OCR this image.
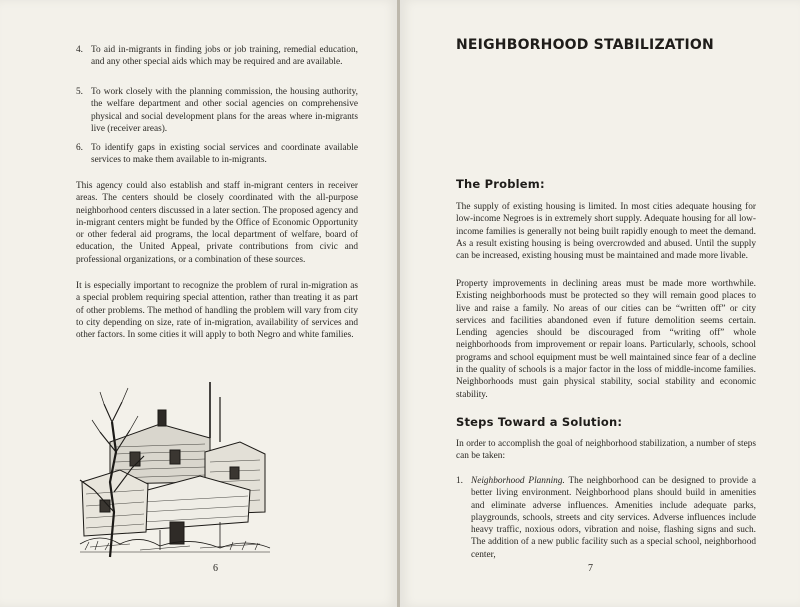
4. To aid in-migrants in finding jobs or job training, remedial education, and any other special aids which may be required and are available.
5. To work closely with the planning commission, the housing authority, the welfare department and other social agencies on comprehensive physical and social development plans for the areas where in-migrants live (receiver areas).
6. To identify gaps in existing social services and coordinate available services to make them available to in-migrants.
This agency could also establish and staff in-migrant centers in receiver areas. The centers should be closely coordinated with the all-purpose neighborhood centers discussed in a later section. The proposed agency and in-migrant centers might be funded by the Office of Economic Opportunity or other federal aid programs, the local department of welfare, board of education, the United Appeal, private contributions from civic and professional organizations, or a combination of these sources.
It is especially important to recognize the problem of rural in-migration as a special problem requiring special attention, rather than treating it as part of other problems. The method of handling the problem will vary from city to city depending on size, rate of in-migration, availability of services and other factors. In some cities it will apply to both Negro and white families.
6
NEIGHBORHOOD STABILIZATION
The Problem:
The supply of existing housing is limited. In most cities adequate housing for low-income Negroes is in extremely short supply. Adequate housing for all low-income families is generally not being built rapidly enough to meet the demand. As a result existing housing is being overcrowded and abused. Until the supply can be increased, existing housing must be maintained and made more livable.
Property improvements in declining areas must be made more worthwhile. Existing neighborhoods must be protected so they will remain good places to live and raise a family. No areas of our cities can be “written off” or city services and facilities abandoned even if future demolition seems certain. Lending agencies should be discouraged from “writing off” whole neighborhoods from improvement or repair loans. Particularly, schools, school programs and school equipment must be well maintained since fear of a decline in the quality of schools is a major factor in the loss of middle-income families. Neighborhoods must gain physical stability, social stability and economic stability.
Steps Toward a Solution:
In order to accomplish the goal of neighborhood stabilization, a number of steps can be taken:
1. Neighborhood Planning. The neighborhood can be designed to provide a better living environment. Neighborhood plans should build in amenities and eliminate adverse influences. Amenities include adequate parks, playgrounds, schools, streets and city services. Adverse influences include heavy traffic, noxious odors, vibration and noise, flashing signs and such. The addition of a new public facility such as a special school, neighborhood center,
7
